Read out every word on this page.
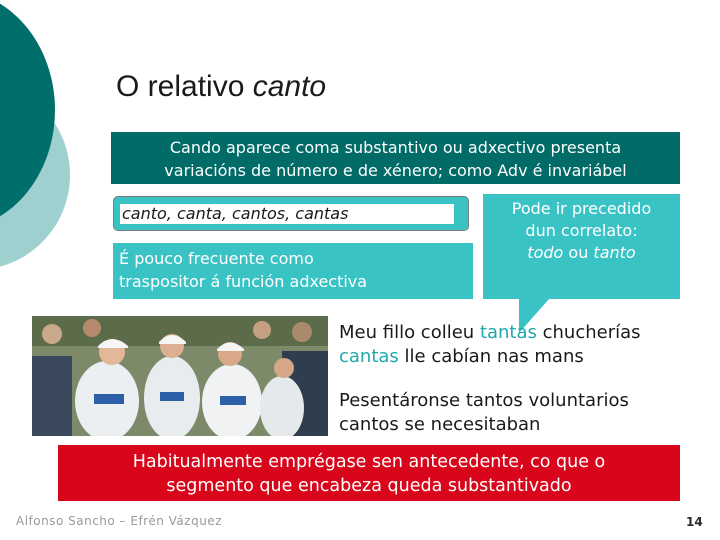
O relativo canto
Cando aparece coma substantivo ou adxectivo presenta
variacións de número e de xénero; como Adv é invariábel
canto, canta, cantos, cantas
É pouco frecuente como
traspositor á función adxectiva
Pode ir precedido
dun correlato:
todo ou tanto
Meu fillo colleu tantas chucherías
cantas lle cabían nas mans
Pesentáronse tantos voluntarios
cantos se necesitaban
Habitualmente emprégase sen antecedente, co que o
segmento que encabeza queda substantivado
Alfonso Sancho – Efrén Vázquez	14
